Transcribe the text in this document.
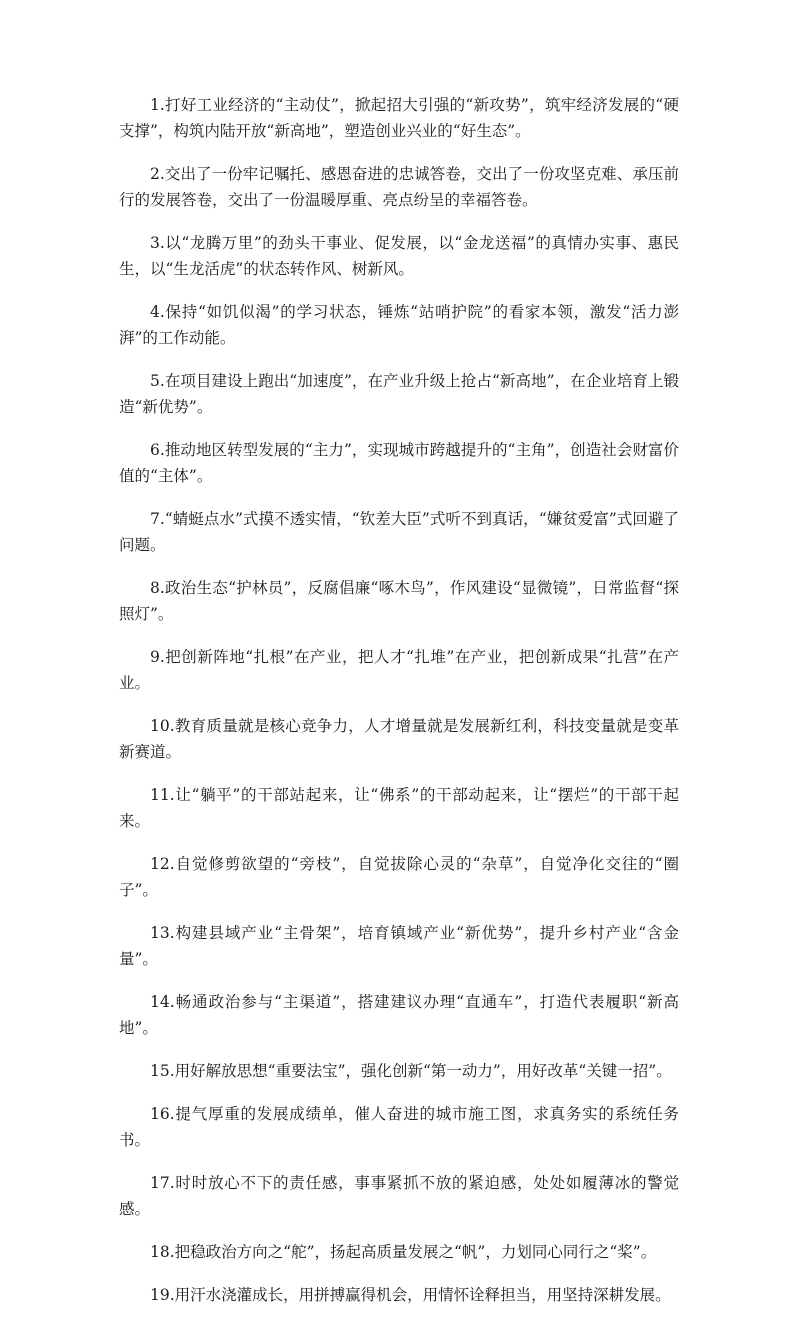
1.打好工业经济的“主动仗”，掀起招大引强的“新攻势”，筑牢经济发展的“硬支撑”，构筑内陆开放“新高地”，塑造创业兴业的“好生态”。

2.交出了一份牢记嘱托、感恩奋进的忠诚答卷，交出了一份攻坚克难、承压前行的发展答卷，交出了一份温暖厚重、亮点纷呈的幸福答卷。

3.以“龙腾万里”的劲头干事业、促发展，以“金龙送福”的真情办实事、惠民生，以“生龙活虎”的状态转作风、树新风。

4.保持“如饥似渴”的学习状态，锤炼“站哨护院”的看家本领，激发“活力澎湃”的工作动能。

5.在项目建设上跑出“加速度”，在产业升级上抢占“新高地”，在企业培育上锻造“新优势”。

6.推动地区转型发展的“主力”，实现城市跨越提升的“主角”，创造社会财富价值的“主体”。

7.“蜻蜓点水”式摸不透实情，“钦差大臣”式听不到真话，“嫌贫爱富”式回避了问题。

8.政治生态“护林员”，反腐倡廉“啄木鸟”，作风建设“显微镜”，日常监督“探照灯”。

9.把创新阵地“扎根”在产业，把人才“扎堆”在产业，把创新成果“扎营”在产业。

10.教育质量就是核心竞争力，人才增量就是发展新红利，科技变量就是变革新赛道。

11.让“躺平”的干部站起来，让“佛系”的干部动起来，让“摆烂”的干部干起来。

12.自觉修剪欲望的“旁枝”，自觉拔除心灵的“杂草”，自觉净化交往的“圈子”。

13.构建县域产业“主骨架”，培育镇域产业“新优势”，提升乡村产业“含金量”。

14.畅通政治参与“主渠道”，搭建建议办理“直通车”，打造代表履职“新高地”。

15.用好解放思想“重要法宝”，强化创新“第一动力”，用好改革“关键一招”。

16.提气厚重的发展成绩单，催人奋进的城市施工图，求真务实的系统任务书。

17.时时放心不下的责任感，事事紧抓不放的紧迫感，处处如履薄冰的警觉感。

18.把稳政治方向之“舵”，扬起高质量发展之“帆”，力划同心同行之“桨”。

19.用汗水浇灌成长，用拼搏赢得机会，用情怀诠释担当，用坚持深耕发展。
